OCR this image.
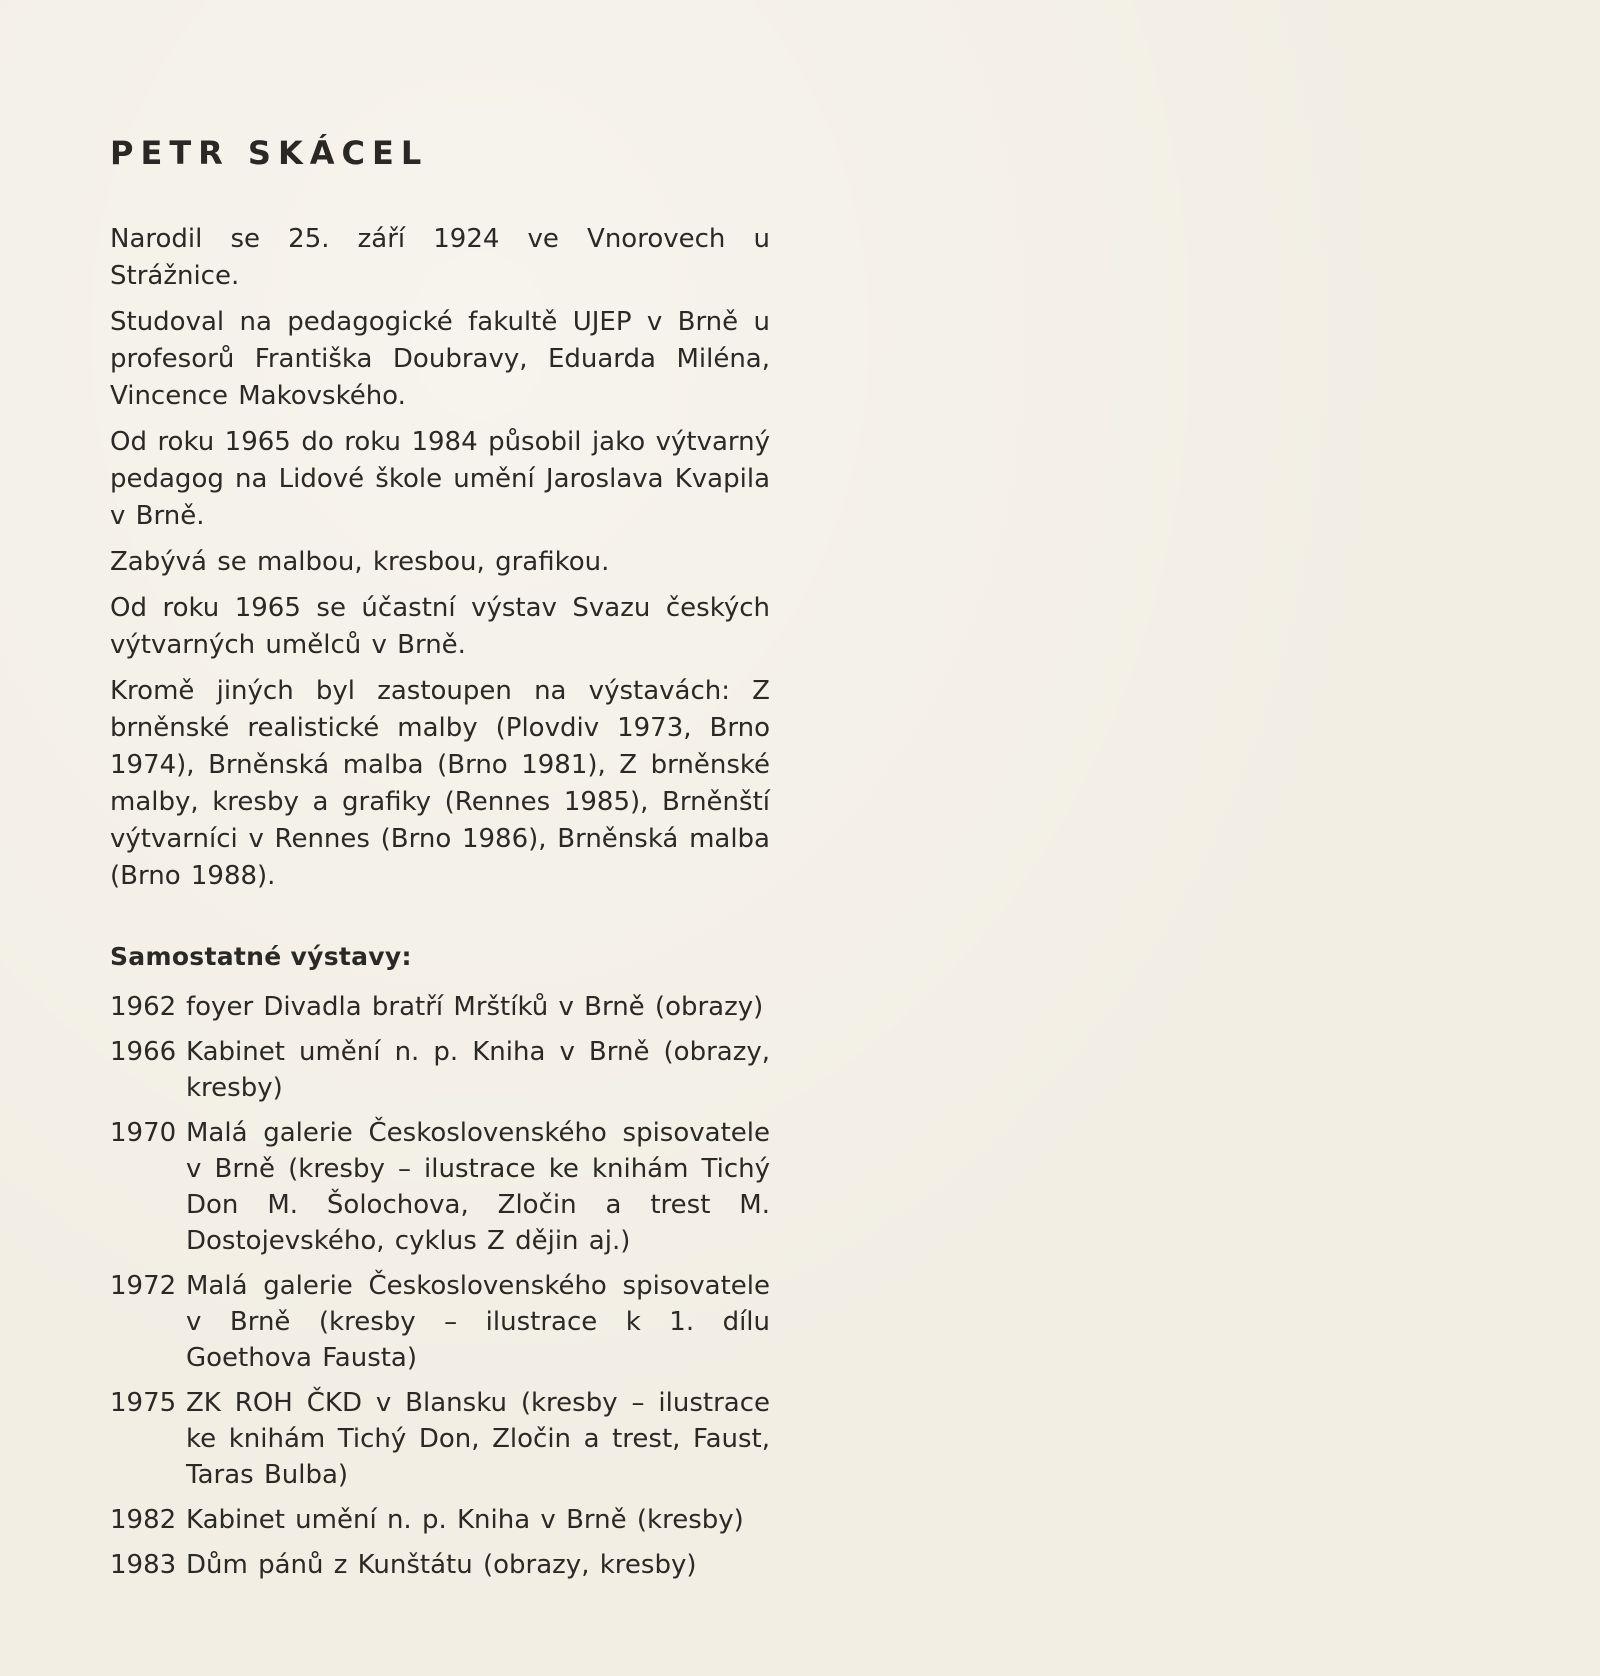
PETR SKÁCEL

Narodil se 25. září 1924 ve Vnorovech u Strážnice.

Studoval na pedagogické fakultě UJEP v Brně u profesorů Františka Doubravy, Eduarda Miléna, Vincence Makovského.

Od roku 1965 do roku 1984 působil jako výtvarný pedagog na Lidové škole umění Jaroslava Kvapila v Brně.

Zabývá se malbou, kresbou, grafikou.

Od roku 1965 se účastní výstav Svazu českých výtvarných umělců v Brně.

Kromě jiných byl zastoupen na výstavách: Z brněnské realistické malby (Plovdiv 1973, Brno 1974), Brněnská malba (Brno 1981), Z brněnské malby, kresby a grafiky (Rennes 1985), Brněnští výtvarníci v Rennes (Brno 1986), Brněnská malba (Brno 1988).

Samostatné výstavy:
1962 foyer Divadla bratří Mrštíků v Brně (obrazy)
1966 Kabinet umění n. p. Kniha v Brně (obrazy, kresby)
1970 Malá galerie Československého spisovatele v Brně (kresby – ilustrace ke knihám Tichý Don M. Šolochova, Zločin a trest M. Dostojevského, cyklus Z dějin aj.)
1972 Malá galerie Československého spisovatele v Brně (kresby – ilustrace k 1. dílu Goethova Fausta)
1975 ZK ROH ČKD v Blansku (kresby – ilustrace ke knihám Tichý Don, Zločin a trest, Faust, Taras Bulba)
1982 Kabinet umění n. p. Kniha v Brně (kresby)
1983 Dům pánů z Kunštátu (obrazy, kresby)
